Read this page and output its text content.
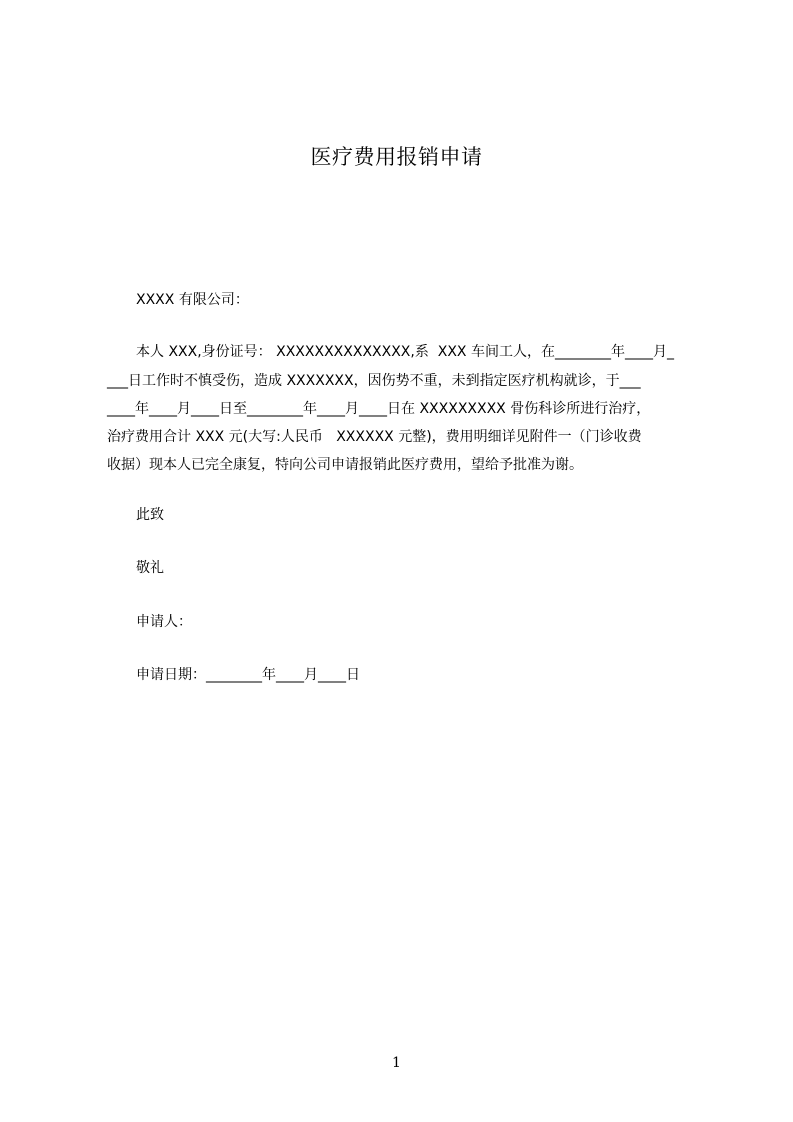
医疗费用报销申请
XXXX 有限公司：
本人 XXX,身份证号： XXXXXXXXXXXXXX,系  XXX 车间工人，在________年____月_
___日工作时不慎受伤，造成 XXXXXXX，因伤势不重，未到指定医疗机构就诊，于___
____年____月____日至________年____月____日在 XXXXXXXXX 骨伤科诊所进行治疗，
治疗费用合计 XXX 元(大写:人民币   XXXXXX 元整)，费用明细详见附件一（门诊收费
收据）现本人已完全康复，特向公司申请报销此医疗费用，望给予批准为谢。
此致
敬礼
申请人：
申请日期：________年____月____日
1
